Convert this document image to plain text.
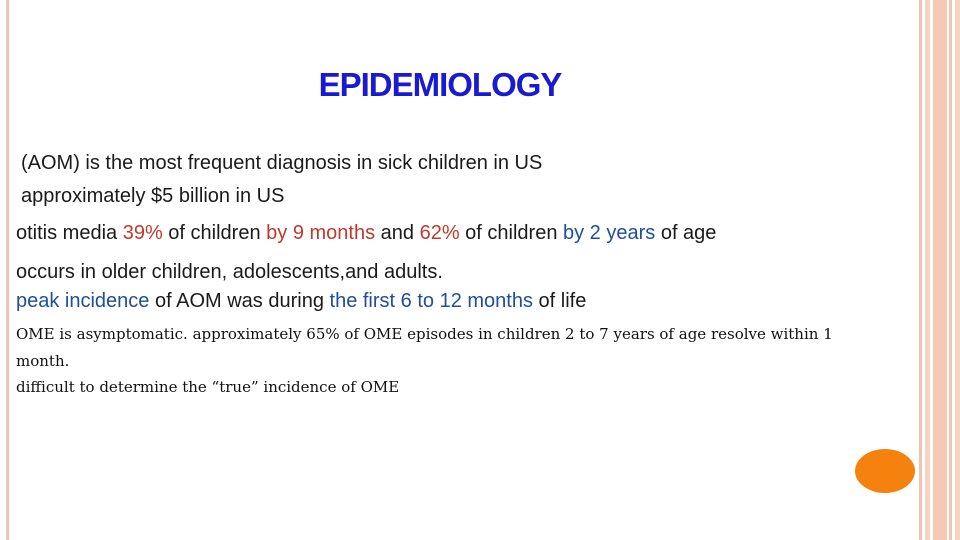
EPIDEMIOLOGY
(AOM) is the most frequent diagnosis in sick children in US
approximately $5 billion in US
otitis media 39% of children by 9 months and 62% of children by 2 years of age
occurs in older children, adolescents,and adults.
peak incidence of AOM was during the first 6 to 12 months of life
OME is asymptomatic. approximately 65% of OME episodes in children 2 to 7 years of age resolve within 1
month.
difficult to determine the “true” incidence of OME
